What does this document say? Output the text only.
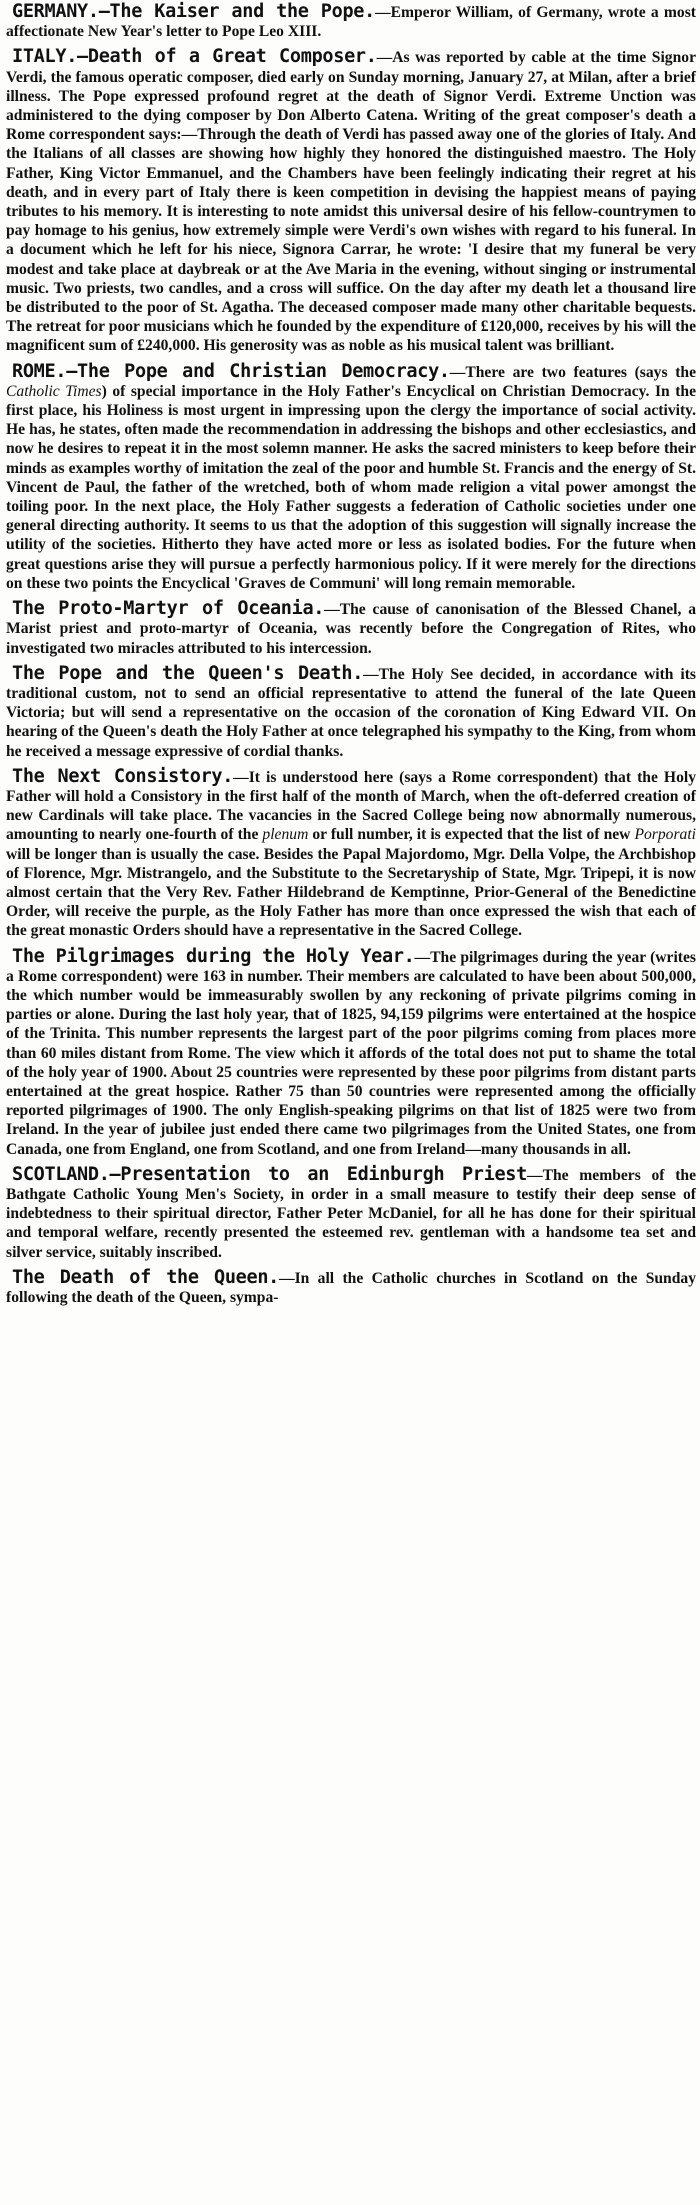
GERMANY.—The Kaiser and the Pope.—Emperor William, of Germany, wrote a most affectionate New Year's letter to Pope Leo XIII.

ITALY.—Death of a Great Composer.—As was reported by cable at the time Signor Verdi, the famous operatic composer, died early on Sunday morning, January 27, at Milan, after a brief illness. The Pope expressed profound regret at the death of Signor Verdi. Extreme Unction was administered to the dying composer by Don Alberto Catena. Writing of the great composer's death a Rome correspondent says:—Through the death of Verdi has passed away one of the glories of Italy. And the Italians of all classes are showing how highly they honored the distinguished maestro. The Holy Father, King Victor Emmanuel, and the Chambers have been feelingly indicating their regret at his death, and in every part of Italy there is keen competition in devising the happiest means of paying tributes to his memory. It is interesting to note amidst this universal desire of his fellow-countrymen to pay homage to his genius, how extremely simple were Verdi's own wishes with regard to his funeral. In a document which he left for his niece, Signora Carrar, he wrote: 'I desire that my funeral be very modest and take place at daybreak or at the Ave Maria in the evening, without singing or instrumental music. Two priests, two candles, and a cross will suffice. On the day after my death let a thousand lire be distributed to the poor of St. Agatha. The deceased composer made many other charitable bequests. The retreat for poor musicians which he founded by the expenditure of £120,000, receives by his will the magnificent sum of £240,000. His generosity was as noble as his musical talent was brilliant.

ROME.—The Pope and Christian Democracy.—There are two features (says the Catholic Times) of special importance in the Holy Father's Encyclical on Christian Democracy. In the first place, his Holiness is most urgent in impressing upon the clergy the importance of social activity. He has, he states, often made the recommendation in addressing the bishops and other ecclesiastics, and now he desires to repeat it in the most solemn manner. He asks the sacred ministers to keep before their minds as examples worthy of imitation the zeal of the poor and humble St. Francis and the energy of St. Vincent de Paul, the father of the wretched, both of whom made religion a vital power amongst the toiling poor. In the next place, the Holy Father suggests a federation of Catholic societies under one general directing authority. It seems to us that the adoption of this suggestion will signally increase the utility of the societies. Hitherto they have acted more or less as isolated bodies. For the future when great questions arise they will pursue a perfectly harmonious policy. If it were merely for the directions on these two points the Encyclical 'Graves de Communi' will long remain memorable.

The Proto-Martyr of Oceania.—The cause of canonisation of the Blessed Chanel, a Marist priest and proto-martyr of Oceania, was recently before the Congregation of Rites, who investigated two miracles attributed to his intercession.

The Pope and the Queen's Death.—The Holy See decided, in accordance with its traditional custom, not to send an official representative to attend the funeral of the late Queen Victoria; but will send a representative on the occasion of the coronation of King Edward VII. On hearing of the Queen's death the Holy Father at once telegraphed his sympathy to the King, from whom he received a message expressive of cordial thanks.

The Next Consistory.—It is understood here (says a Rome correspondent) that the Holy Father will hold a Consistory in the first half of the month of March, when the oft-deferred creation of new Cardinals will take place. The vacancies in the Sacred College being now abnormally numerous, amounting to nearly one-fourth of the plenum or full number, it is expected that the list of new Porporati will be longer than is usually the case. Besides the Papal Majordomo, Mgr. Della Volpe, the Archbishop of Florence, Mgr. Mistrangelo, and the Substitute to the Secretaryship of State, Mgr. Tripepi, it is now almost certain that the Very Rev. Father Hildebrand de Kemptinne, Prior-General of the Benedictine Order, will receive the purple, as the Holy Father has more than once expressed the wish that each of the great monastic Orders should have a representative in the Sacred College.

The Pilgrimages during the Holy Year.—The pilgrimages during the year (writes a Rome correspondent) were 163 in number. Their members are calculated to have been about 500,000, the which number would be immeasurably swollen by any reckoning of private pilgrims coming in parties or alone. During the last holy year, that of 1825, 94,159 pilgrims were entertained at the hospice of the Trinita. This number represents the largest part of the poor pilgrims coming from places more than 60 miles distant from Rome. The view which it affords of the total does not put to shame the total of the holy year of 1900. About 25 countries were represented by these poor pilgrims from distant parts entertained at the great hospice. Rather 75 than 50 countries were represented among the officially reported pilgrimages of 1900. The only English-speaking pilgrims on that list of 1825 were two from Ireland. In the year of jubilee just ended there came two pilgrimages from the United States, one from Canada, one from England, one from Scotland, and one from Ireland—many thousands in all.

SCOTLAND.—Presentation to an Edinburgh Priest—The members of the Bathgate Catholic Young Men's Society, in order in a small measure to testify their deep sense of indebtedness to their spiritual director, Father Peter McDaniel, for all he has done for their spiritual and temporal welfare, recently presented the esteemed rev. gentleman with a handsome tea set and silver service, suitably inscribed.

The Death of the Queen.—In all the Catholic churches in Scotland on the Sunday following the death of the Queen, sympa-
